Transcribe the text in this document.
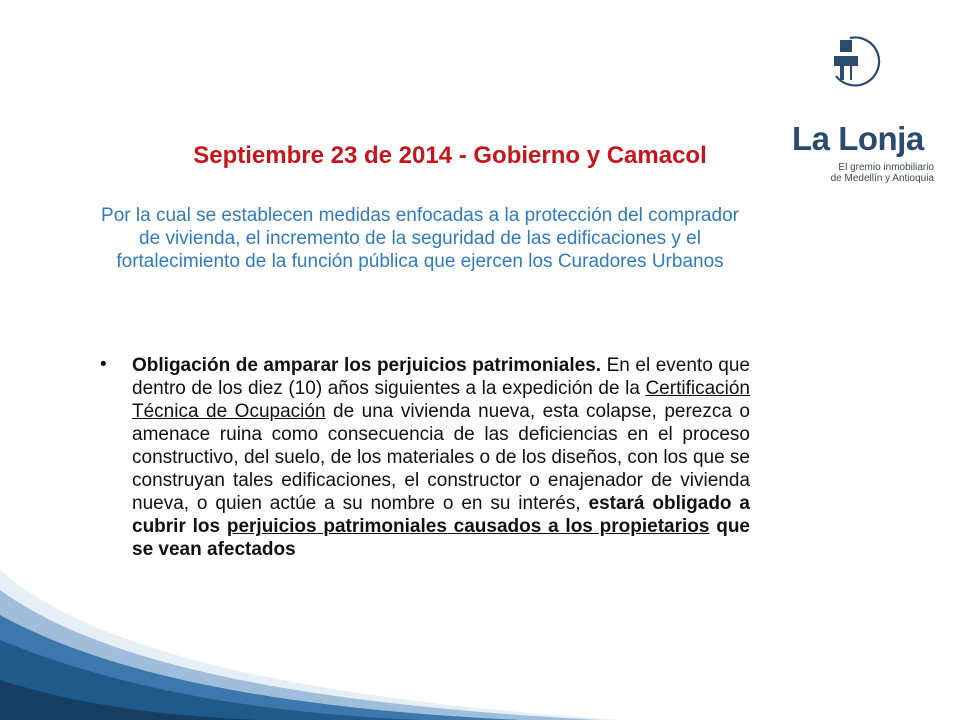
La Lonja
El gremio inmobiliario
de Medellín y Antioquia
Septiembre 23 de 2014 - Gobierno y Camacol
Por la cual se establecen medidas enfocadas a la protección del comprador de vivienda, el incremento de la seguridad de las edificaciones y el fortalecimiento de la función pública que ejercen los Curadores Urbanos
• Obligación de amparar los perjuicios patrimoniales. En el evento que dentro de los diez (10) años siguientes a la expedición de la Certificación Técnica de Ocupación de una vivienda nueva, esta colapse, perezca o amenace ruina como consecuencia de las deficiencias en el proceso constructivo, del suelo, de los materiales o de los diseños, con los que se construyan tales edificaciones, el constructor o enajenador de vivienda nueva, o quien actúe a su nombre o en su interés, estará obligado a cubrir los perjuicios patrimoniales causados a los propietarios que se vean afectados
